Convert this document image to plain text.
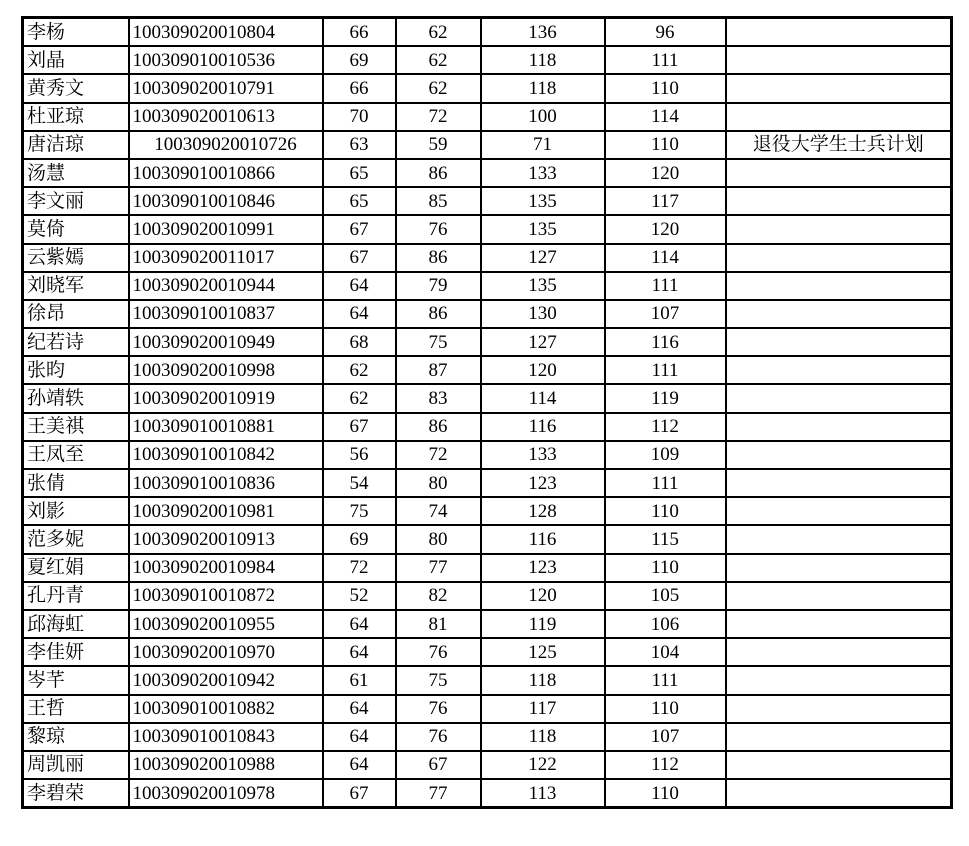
李杨	100309020010804	66	62	136	96	
刘晶	100309010010536	69	62	118	111	
黄秀文	100309020010791	66	62	118	110	
杜亚琼	100309020010613	70	72	100	114	
唐洁琼	100309020010726	63	59	71	110	退役大学生士兵计划
汤慧	100309010010866	65	86	133	120	
李文丽	100309010010846	65	85	135	117	
莫倚	100309020010991	67	76	135	120	
云紫嫣	100309020011017	67	86	127	114	
刘晓军	100309020010944	64	79	135	111	
徐昂	100309010010837	64	86	130	107	
纪若诗	100309020010949	68	75	127	116	
张昀	100309020010998	62	87	120	111	
孙靖轶	100309020010919	62	83	114	119	
王美祺	100309010010881	67	86	116	112	
王凤至	100309010010842	56	72	133	109	
张倩	100309010010836	54	80	123	111	
刘影	100309020010981	75	74	128	110	
范多妮	100309020010913	69	80	116	115	
夏红娟	100309020010984	72	77	123	110	
孔丹青	100309010010872	52	82	120	105	
邱海虹	100309020010955	64	81	119	106	
李佳妍	100309020010970	64	76	125	104	
岑芊	100309020010942	61	75	118	111	
王哲	100309010010882	64	76	117	110	
黎琼	100309010010843	64	76	118	107	
周凯丽	100309020010988	64	67	122	112	
李碧荣	100309020010978	67	77	113	110	
